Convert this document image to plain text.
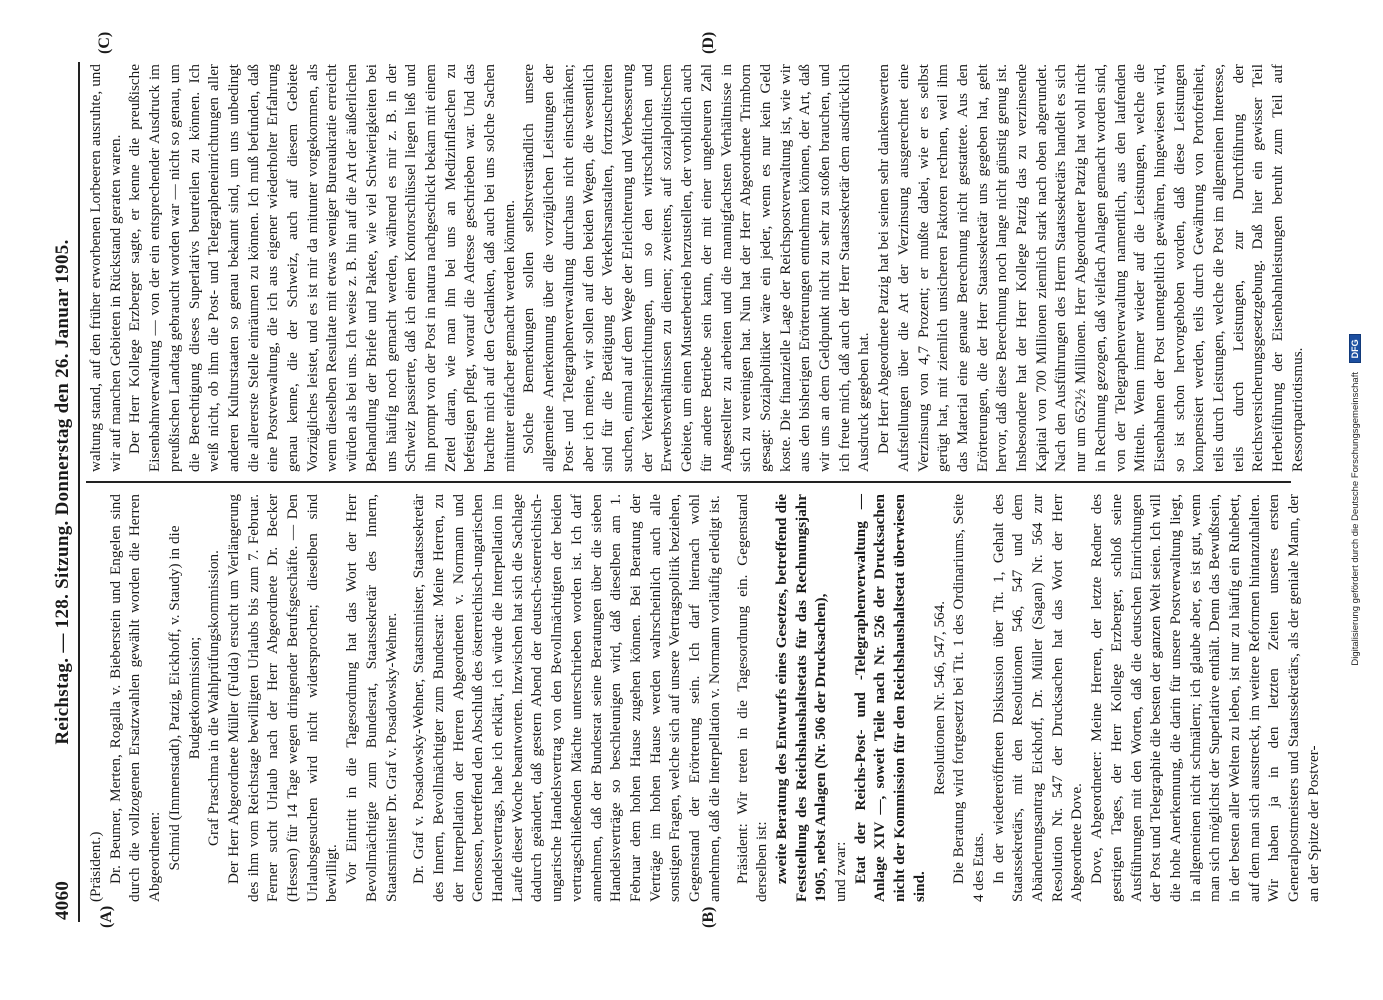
4060
Reichstag. — 128. Sitzung. Donnerstag den 26. Januar 1905.
(A)	(B)
(C)	(D)

(Präsident.) Dr. Beumer, Merten, Rogalla v. Bieberstein und Engelen sind durch die vollzogenen Ersatzwahlen gewählt worden die Herren Abgeordneten: Schmid (Immenstadt), Patzig, Eickhoff, v. Staudy) in die Budgetkommission; Graf Praschma in die Wahlprüfungskommission. Der Herr Abgeordnete Müller (Fulda) ersucht um Verlängerung des ihm vom Reichstage bewilligten Urlaubs bis zum 7. Februar. Ferner sucht Urlaub nach der Herr Abgeordnete Dr. Becker (Hessen) für 14 Tage wegen dringender Berufsgeschäfte. — Den Urlaubsgesuchen wird nicht widersprochen; dieselben sind bewilligt. Vor Eintritt in die Tagesordnung hat das Wort der Herr Bevollmächtigte zum Bundesrat, Staatssekretär des Innern, Staatsminister Dr. Graf v. Posadowsky-Wehner. Dr. Graf v. Posadowsky-Wehner, Staatsminister, Staatssekretär des Innern, Bevollmächtigter zum Bundesrat: Meine Herren, zu der Interpellation der Herren Abgeordneten v. Normann und Genossen, betreffend den Abschluß des österreichisch-ungarischen Handelsvertrags, habe ich erklärt, ich würde die Interpellation im Laufe dieser Woche beantworten. Inzwischen hat sich die Sachlage dadurch geändert, daß gestern Abend der deutsch-österreichisch-ungarische Handelsvertrag von den Bevollmächtigten der beiden vertragschließenden Mächte unterschrieben worden ist. Ich darf annehmen, daß der Bundesrat seine Beratungen über die sieben Handelsverträge so beschleunigen wird, daß dieselben am 1. Februar dem hohen Hause zugehen können. Bei Beratung der Verträge im hohen Hause werden wahrscheinlich auch alle sonstigen Fragen, welche sich auf unsere Vertragspolitik beziehen, Gegenstand der Erörterung sein. Ich darf hiernach wohl annehmen, daß die Interpellation v. Normann vorläufig erledigt ist. Präsident: Wir treten in die Tagesordnung ein. Gegenstand derselben ist: zweite Beratung des Entwurfs eines Gesetzes, betreffend die Feststellung des Reichshaushaltsetats für das Rechnungsjahr 1905, nebst Anlagen (Nr. 506 der Drucksachen), und zwar: Etat der Reichs-Post- und -Telegraphenverwaltung — Anlage XIV —, soweit Teile nach Nr. 526 der Drucksachen nicht der Kommission für den Reichshaushaltsetat überwiesen sind.

Resolutionen Nr. 546, 547, 564. Die Beratung wird fortgesetzt bei Tit. 1 des Ordinariums, Seite 4 des Etats. In der wiedereröffneten Diskussion über Tit. 1, Gehalt des Staatssekretärs, mit den Resolutionen 546, 547 und dem Abänderungsantrag Eickhoff, Dr. Müller (Sagan) Nr. 564 zur Resolution Nr. 547 der Drucksachen hat das Wort der Herr Abgeordnete Dove. Dove, Abgeordneter: Meine Herren, der letzte Redner des gestrigen Tages, der Herr Kollege Erzberger, schloß seine Ausführungen mit den Worten, daß die deutschen Einrichtungen der Post und Telegraphie die besten der ganzen Welt seien. Ich will die hohe Anerkennung, die darin für unsere Postverwaltung liegt, in allgemeinen nicht schmälern; ich glaube aber, es ist gut, wenn man sich möglichst der Superlative enthält. Denn das Bewußtsein, in der besten aller Welten zu leben, ist nur zu häufig ein Ruhebett, auf dem man sich ausstreckt, im weitere Reformen hintanzuhalten. Wir haben ja in den letzten Zeiten unseres ersten Generalpostmeisters und Staatssekretärs, als der geniale Mann, der an der Spitze der Postver-

waltung stand, auf den früher erworbenen Lorbeeren ausruhte, und wir auf manchen Gebieten in Rückstand geraten waren. Der Herr Kollege Erzberger sagte, er kenne die preußische Eisenbahnverwaltung — von der ein entsprechender Ausdruck im preußischen Landtag gebraucht worden war — nicht so genau, um die Berechtigung dieses Superlativs beurteilen zu können. Ich weiß nicht, ob ihm die Post- und Telegrapheneinrichtungen aller anderen Kulturstaaten so genau bekannt sind, um uns unbedingt die allererste Stelle einräumen zu können. Ich muß befunden, daß eine Postverwaltung, die ich aus eigener wiederholter Erfahrung genau kenne, die der Schweiz, auch auf diesem Gebiete Vorzügliches leistet, und es ist mir da mitunter vorgekommen, als wenn dieselben Resultate mit etwas weniger Bureaukratie erreicht würden als bei uns. Ich weise z. B. hin auf die Art der äußerlichen Behandlung der Briefe und Pakete, wie viel Schwierigkeiten bei uns häufig noch gemacht werden, während es mir z. B. in der Schweiz passierte, daß ich einen Kontorschlüssel liegen ließ und ihn prompt von der Post in natura nachgeschickt bekam mit einem Zettel daran, wie man ihn bei uns an Medizinflaschen zu befestigen pflegt, worauf die Adresse geschrieben war. Und das brachte mich auf den Gedanken, daß auch bei uns solche Sachen mitunter einfacher gemacht werden könnten. Solche Bemerkungen sollen selbstverständlich unsere allgemeine Anerkennung über die vorzüglichen Leistungen der Post- und Telegraphenverwaltung durchaus nicht einschränken; aber ich meine, wir sollen auf den beiden Wegen, die wesentlich sind für die Betätigung der Verkehrsanstalten, fortzuschreiten suchen, einmal auf dem Wege der Erleichterung und Verbesserung der Verkehrseinrichtungen, um so den wirtschaftlichen und Erwerbsverhältnissen zu dienen; zweitens, auf sozialpolitischem Gebiete, um einen Musterbetrieb herzustellen, der vorbildlich auch für andere Betriebe sein kann, der mit einer ungeheuren Zahl Angestellter zu arbeiten und die mannigfachsten Verhältnisse in sich zu vereinigen hat. Nun hat der Herr Abgeordnete Trimborn gesagt: Sozialpolitiker wäre ein jeder, wenn es nur kein Geld koste. Die finanzielle Lage der Reichspostverwaltung ist, wie wir aus den bisherigen Erörterungen entnehmen können, der Art, daß wir uns an dem Geldpunkt nicht zu sehr zu stoßen brauchen, und ich freue mich, daß auch der Herr Staatssekretär dem ausdrücklich Ausdruck gegeben hat. Der Herr Abgeordnete Patzig hat bei seinen sehr dankenswerten Aufstellungen über die Art der Verzinsung ausgerechnet eine Verzinsung von 4,7 Prozent; er mußte dabei, wie er es selbst gerügt hat, mit ziemlich unsicheren Faktoren rechnen, weil ihm das Material eine genaue Berechnung nicht gestattete. Aus den Erörterungen, die der Herr Staatssekretär uns gegeben hat, geht hervor, daß diese Berechnung noch lange nicht günstig genug ist. Insbesondere hat der Herr Kollege Patzig das zu verzinsende Kapital von 700 Millionen ziemlich stark nach oben abgerundet. Nach den Ausführungen des Herrn Staatssekretärs handelt es sich nur um 652½ Millionen. Herr Abgeordneter Patzig hat wohl nicht in Rechnung gezogen, daß vielfach Anlagen gemacht worden sind, von der Telegraphenverwaltung namentlich, aus den laufenden Mitteln. Wenn immer wieder auf die Leistungen, welche die Eisenbahnen der Post unentgeltlich gewähren, hingewiesen wird, so ist schon hervorgehoben worden, daß diese Leistungen kompensiert werden, teils durch Gewährung von Portofreiheit, teils durch Leistungen, welche die Post im allgemeinen Interesse, teils durch Leistungen, zur Durchführung der Reichsversicherungsgesetzgebung. Daß hier ein gewisser Teil Herbeiführung der Eisenbahnleistungen beruht zum Teil auf Ressortpatriotismus.	Digitalisierung gefördert durch die Deutsche Forschungsgemeinschaft DFG
